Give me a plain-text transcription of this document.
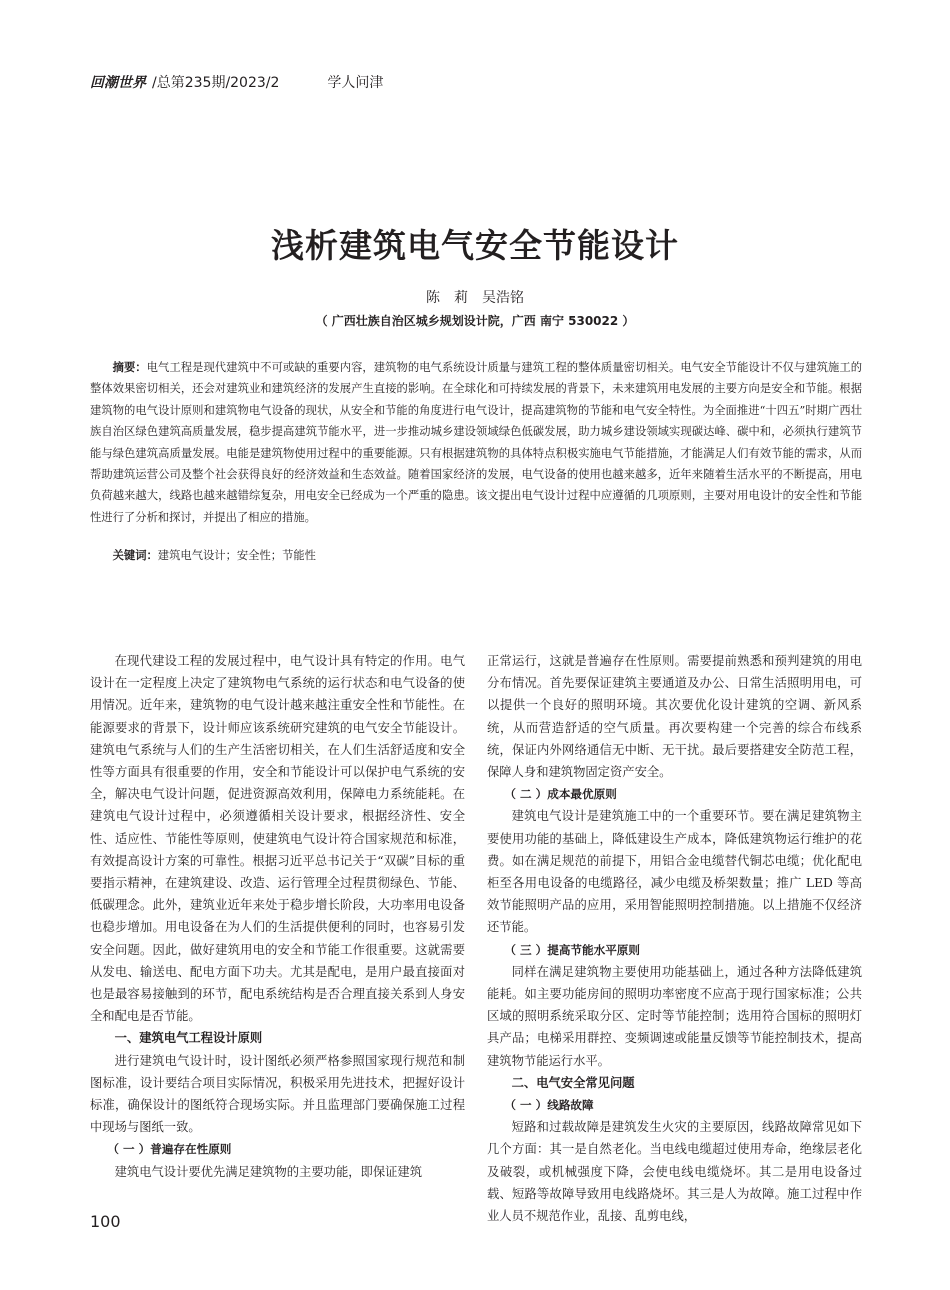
回潮世界 /总第235期/2023/2	学人问津
浅析建筑电气安全节能设计
陈　莉　吴浩铭
（ 广西壮族自治区城乡规划设计院，广西 南宁 530022 ）
摘要：电气工程是现代建筑中不可或缺的重要内容，建筑物的电气系统设计质量与建筑工程的整体质量密切相关。电气安全节能设计不仅与建筑施工的整体效果密切相关，还会对建筑业和建筑经济的发展产生直接的影响。在全球化和可持续发展的背景下，未来建筑用电发展的主要方向是安全和节能。根据建筑物的电气设计原则和建筑物电气设备的现状，从安全和节能的角度进行电气设计，提高建筑物的节能和电气安全特性。为全面推进“十四五”时期广西壮族自治区绿色建筑高质量发展，稳步提高建筑节能水平，进一步推动城乡建设领域绿色低碳发展，助力城乡建设领域实现碳达峰、碳中和，必须执行建筑节能与绿色建筑高质量发展。电能是建筑物使用过程中的重要能源。只有根据建筑物的具体特点积极实施电气节能措施，才能满足人们有效节能的需求，从而帮助建筑运营公司及整个社会获得良好的经济效益和生态效益。随着国家经济的发展，电气设备的使用也越来越多，近年来随着生活水平的不断提高，用电负荷越来越大，线路也越来越错综复杂，用电安全已经成为一个严重的隐患。该文提出电气设计过程中应遵循的几项原则，主要对用电设计的安全性和节能性进行了分析和探讨，并提出了相应的措施。
关键词：建筑电气设计；安全性；节能性

在现代建设工程的发展过程中，电气设计具有特定的作用。电气设计在一定程度上决定了建筑物电气系统的运行状态和电气设备的使用情况。近年来，建筑物的电气设计越来越注重安全性和节能性。在能源要求的背景下，设计师应该系统研究建筑的电气安全节能设计。建筑电气系统与人们的生产生活密切相关，在人们生活舒适度和安全性等方面具有很重要的作用，安全和节能设计可以保护电气系统的安全，解决电气设计问题，促进资源高效利用，保障电力系统能耗。在建筑电气设计过程中，必须遵循相关设计要求，根据经济性、安全性、适应性、节能性等原则，使建筑电气设计符合国家规范和标准，有效提高设计方案的可靠性。根据习近平总书记关于“双碳”目标的重要指示精神，在建筑建设、改造、运行管理全过程贯彻绿色、节能、低碳理念。此外，建筑业近年来处于稳步增长阶段，大功率用电设备也稳步增加。用电设备在为人们的生活提供便利的同时，也容易引发安全问题。因此，做好建筑用电的安全和节能工作很重要。这就需要从发电、输送电、配电方面下功夫。尤其是配电，是用户最直接面对也是最容易接触到的环节，配电系统结构是否合理直接关系到人身安全和配电是否节能。

一、建筑电气工程设计原则

进行建筑电气设计时，设计图纸必须严格参照国家现行规范和制图标准，设计要结合项目实际情况，积极采用先进技术，把握好设计标准，确保设计的图纸符合现场实际。并且监理部门要确保施工过程中现场与图纸一致。

（ 一 ）普遍存在性原则

建筑电气设计要优先满足建筑物的主要功能，即保证建筑

正常运行，这就是普遍存在性原则。需要提前熟悉和预判建筑的用电分布情况。首先要保证建筑主要通道及办公、日常生活照明用电，可以提供一个良好的照明环境。其次要优化设计建筑的空调、新风系统，从而营造舒适的空气质量。再次要构建一个完善的综合布线系统，保证内外网络通信无中断、无干扰。最后要搭建安全防范工程，保障人身和建筑物固定资产安全。

（ 二 ）成本最优原则

建筑电气设计是建筑施工中的一个重要环节。要在满足建筑物主要使用功能的基础上，降低建设生产成本，降低建筑物运行维护的花费。如在满足规范的前提下，用铝合金电缆替代铜芯电缆；优化配电柜至各用电设备的电缆路径，减少电缆及桥架数量；推广 LED 等高效节能照明产品的应用，采用智能照明控制措施。以上措施不仅经济还节能。

（ 三 ）提高节能水平原则

同样在满足建筑物主要使用功能基础上，通过各种方法降低建筑能耗。如主要功能房间的照明功率密度不应高于现行国家标准；公共区域的照明系统采取分区、定时等节能控制；选用符合国标的照明灯具产品；电梯采用群控、变频调速或能量反馈等节能控制技术，提高建筑物节能运行水平。

二、电气安全常见问题
（ 一 ）线路故障

短路和过载故障是建筑发生火灾的主要原因，线路故障常见如下几个方面：其一是自然老化。当电线电缆超过使用寿命，绝缘层老化及破裂，或机械强度下降，会使电线电缆烧坏。其二是用电设备过载、短路等故障导致用电线路烧坏。其三是人为故障。施工过程中作业人员不规范作业，乱接、乱剪电线，

100
